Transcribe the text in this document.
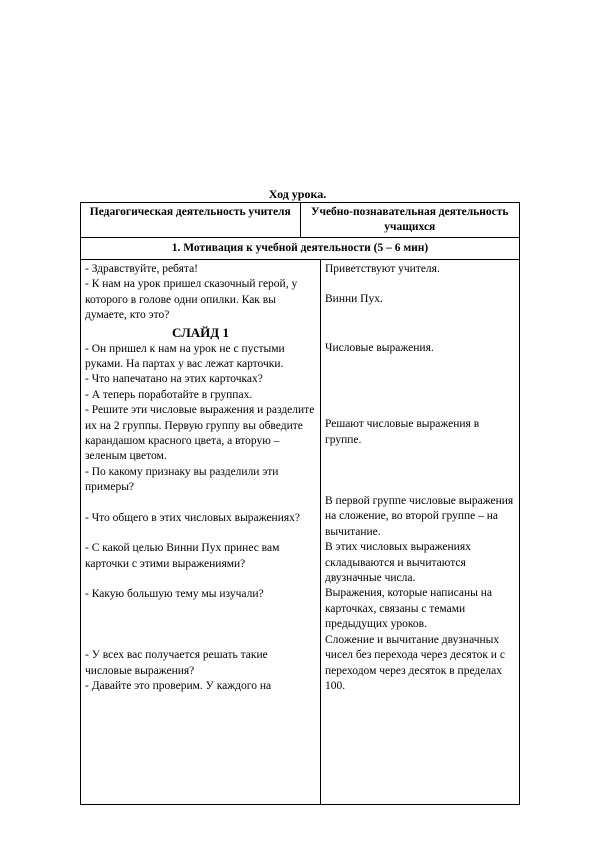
Ход урока.
Педагогическая деятельность учителя	Учебно-познавательная деятельность учащихся
1. Мотивация к учебной деятельности (5 – 6 мин)

- Здравствуйте, ребята!

- К нам на урок пришел сказочный герой, у которого в голове одни опилки. Как вы думаете, кто это?

СЛАЙД 1

- Он пришел к нам на урок не с пустыми руками. На партах у вас лежат карточки.

- Что напечатано на этих карточках?

- А теперь поработайте в группах.

- Решите эти числовые выражения и разделите их на 2 группы. Первую группу вы обведите карандашом красного цвета, а вторую – зеленым цветом.

- По какому признаку вы разделили эти примеры?

- Что общего в этих числовых выражениях?

- С какой целью Винни Пух принес вам карточки с этими выражениями?

- Какую большую тему мы изучали?

- У всех вас получается решать такие числовые выражения?

- Давайте это проверим. У каждого на

Приветствуют учителя.

Винни Пух.

Числовые выражения.

Решают числовые выражения в группе.

В первой группе числовые выражения на сложение, во второй группе – на вычитание.

В этих числовых выражениях складываются и вычитаются двузначные числа.

Выражения, которые написаны на карточках, связаны с темами предыдущих уроков.

Сложение и вычитание двузначных чисел без перехода через десяток и с переходом через десяток в пределах 100.
